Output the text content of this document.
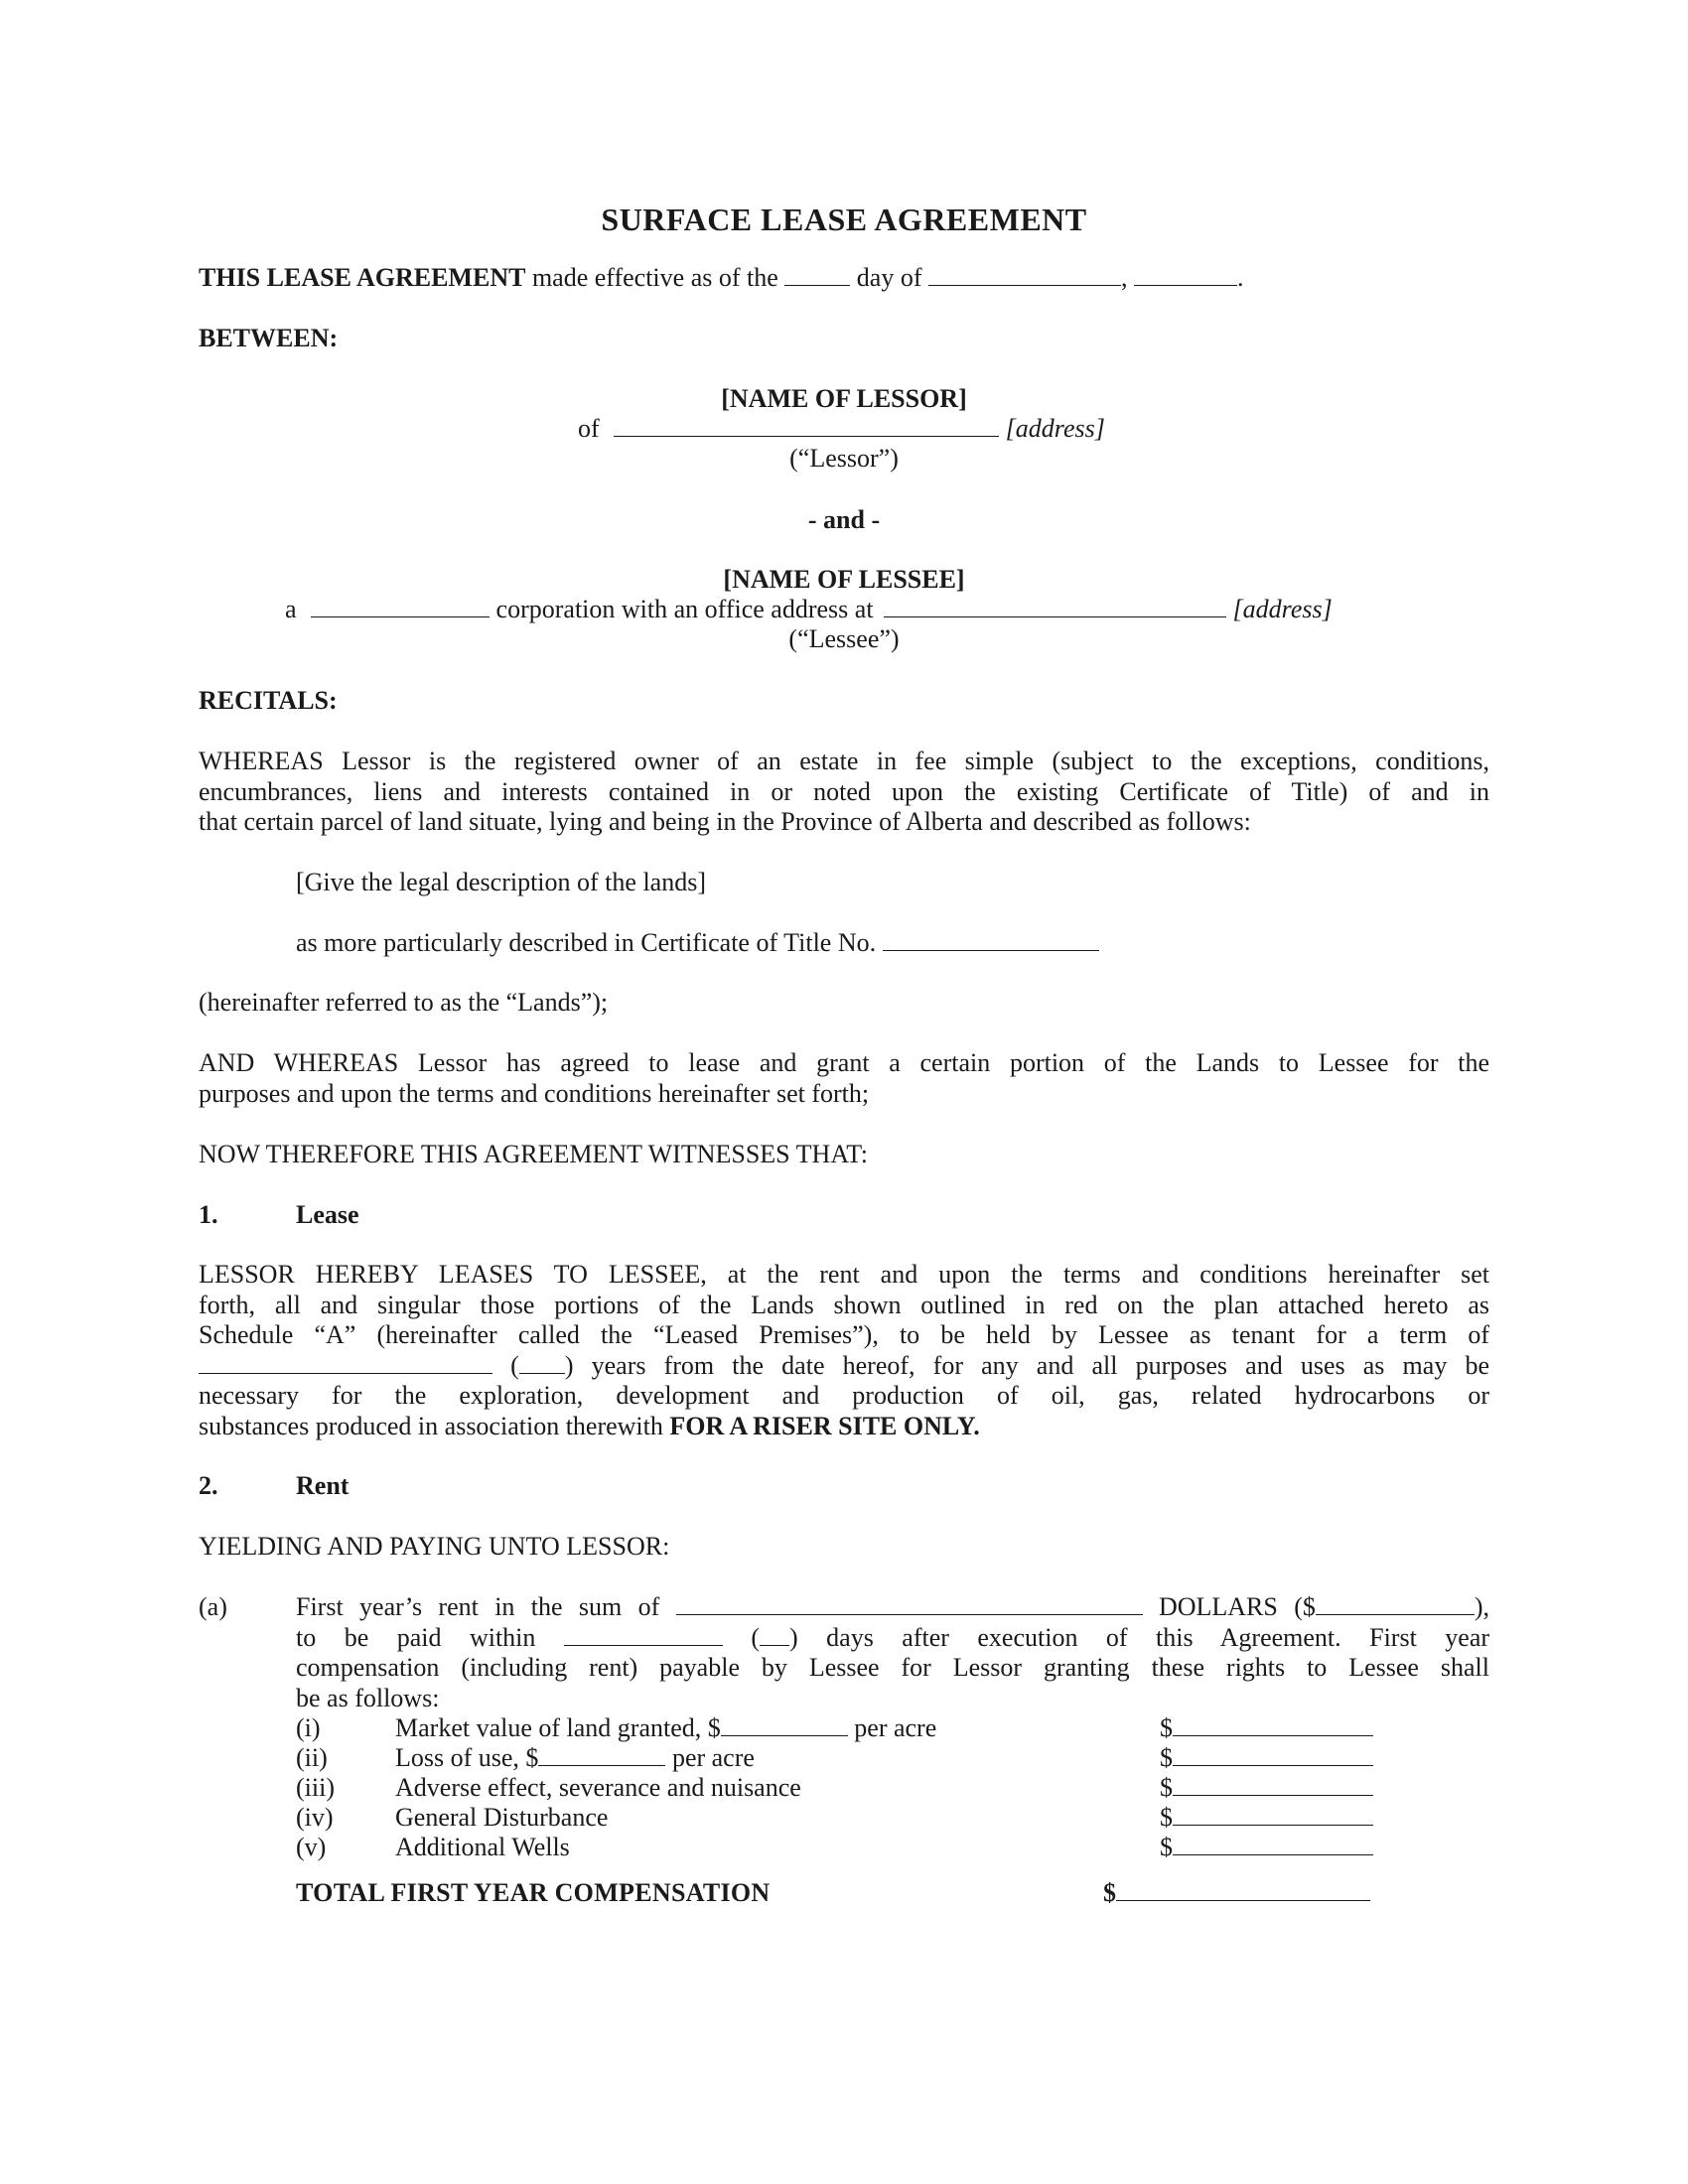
SURFACE LEASE AGREEMENT
THIS LEASE AGREEMENT made effective as of the	day of	,	.
BETWEEN:
[NAME OF LESSOR]
of	[address]
(“Lessor”)
- and -
[NAME OF LESSEE]
a	corporation with an office address at	[address]
(“Lessee”)
RECITALS:
WHEREAS Lessor is the registered owner of an estate in fee simple (subject to the exceptions, conditions,
encumbrances, liens and interests contained in or noted upon the existing Certificate of Title) of and in
that certain parcel of land situate, lying and being in the Province of Alberta and described as follows:
[Give the legal description of the lands]
as more particularly described in Certificate of Title No.
(hereinafter referred to as the “Lands”);
AND WHEREAS Lessor has agreed to lease and grant a certain portion of the Lands to Lessee for the
purposes and upon the terms and conditions hereinafter set forth;
NOW THEREFORE THIS AGREEMENT WITNESSES THAT:
1.	Lease
LESSOR HEREBY LEASES TO LESSEE, at the rent and upon the terms and conditions hereinafter set
forth, all and singular those portions of the Lands shown outlined in red on the plan attached hereto as
Schedule “A” (hereinafter called the “Leased Premises”), to be held by Lessee as tenant for a term of
( ) years from the date hereof, for any and all purposes and uses as may be
necessary for the exploration, development and production of oil, gas, related hydrocarbons or
substances produced in association therewith FOR A RISER SITE ONLY.
2.	Rent
YIELDING AND PAYING UNTO LESSOR:
(a)	First year’s rent in the sum of	DOLLARS ($	),
to be paid within	( ) days after execution of this Agreement. First year
compensation (including rent) payable by Lessee for Lessor granting these rights to Lessee shall
be as follows:
(i)	Market value of land granted, $	per acre	$
(ii)	Loss of use, $	per acre	$
(iii) Adverse effect, severance and nuisance	$
(iv) General Disturbance	$
(v)	Additional Wells	$
TOTAL FIRST YEAR COMPENSATION	$
